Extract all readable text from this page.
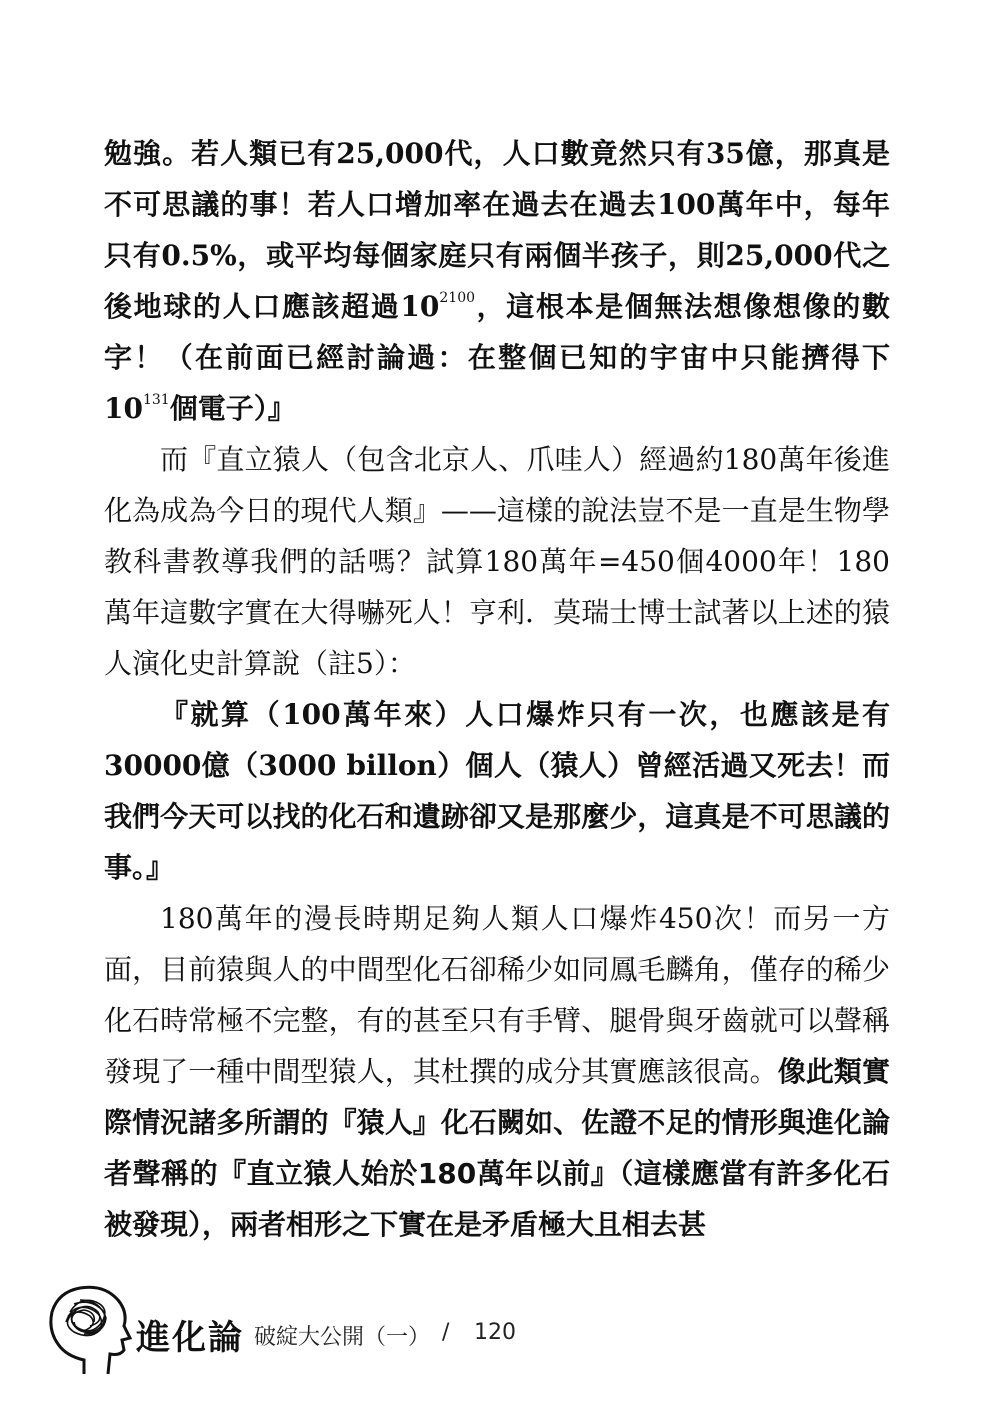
勉強。若人類已有25,000代，人口數竟然只有35億，那真是不可思議的事！若人口增加率在過去在過去100萬年中，每年只有0.5%，或平均每個家庭只有兩個半孩子，則25,000代之後地球的人口應該超過$10^{2100}$，這根本是個無法想像想像的數字！（在前面已經討論過：在整個已知的宇宙中只能擠得下$10^{131}$個電子）』

而『直立猿人（包含北京人、爪哇人）經過約180萬年後進化為成為今日的現代人類』——這樣的說法豈不是一直是生物學教科書教導我們的話嗎？試算180萬年=450個4000年！180萬年這數字實在大得嚇死人！亨利．莫瑞士博士試著以上述的猿人演化史計算說（註5）：

『就算（100萬年來）人口爆炸只有一次，也應該是有30000億（3000 billon）個人（猿人）曾經活過又死去！而我們今天可以找的化石和遺跡卻又是那麼少，這真是不可思議的事。』

180萬年的漫長時期足夠人類人口爆炸450次！而另一方面，目前猿與人的中間型化石卻稀少如同鳳毛麟角，僅存的稀少化石時常極不完整，有的甚至只有手臂、腿骨與牙齒就可以聲稱發現了一種中間型猿人，其杜撰的成分其實應該很高。像此類實際情況諸多所謂的『猿人』化石闕如、佐證不足的情形與進化論者聲稱的『直立猿人始於180萬年以前』（這樣應當有許多化石被發現），兩者相形之下實在是矛盾極大且相去甚

進化論 破綻大公開（一） / 120
